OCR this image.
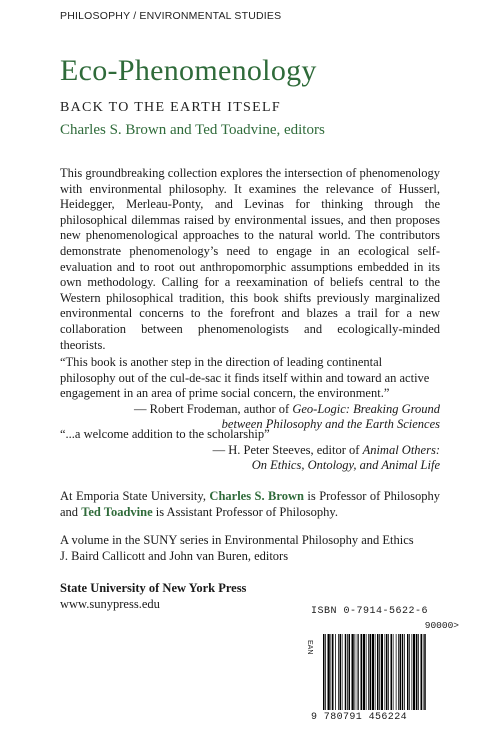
PHILOSOPHY / ENVIRONMENTAL STUDIES
Eco-Phenomenology
BACK TO THE EARTH ITSELF
Charles S. Brown and Ted Toadvine, editors
This groundbreaking collection explores the intersection of phenomenology with environmental philosophy. It examines the relevance of Husserl, Heidegger, Merleau-Ponty, and Levinas for thinking through the philosophical dilemmas raised by environmental issues, and then proposes new phenomenological approaches to the natural world. The contributors demonstrate phenomenology’s need to engage in an ecological self-evaluation and to root out anthropomorphic assumptions embedded in its own methodology. Calling for a reexamination of beliefs central to the Western philosophical tradition, this book shifts previously marginalized environmental concerns to the forefront and blazes a trail for a new collaboration between phenomenologists and ecologically-minded theorists.
“This book is another step in the direction of leading continental philosophy out of the cul-de-sac it finds itself within and toward an active engagement in an area of prime social concern, the environment.”
— Robert Frodeman, author of Geo-Logic: Breaking Ground
between Philosophy and the Earth Sciences
“...a welcome addition to the scholarship”
— H. Peter Steeves, editor of Animal Others:
On Ethics, Ontology, and Animal Life
At Emporia State University, Charles S. Brown is Professor of Philosophy and Ted Toadvine is Assistant Professor of Philosophy.
A volume in the SUNY series in Environmental Philosophy and Ethics
J. Baird Callicott and John van Buren, editors
State University of New York Press
www.sunypress.edu
ISBN 0-7914-5622-6
90000>
EAN
9 780791 456224
